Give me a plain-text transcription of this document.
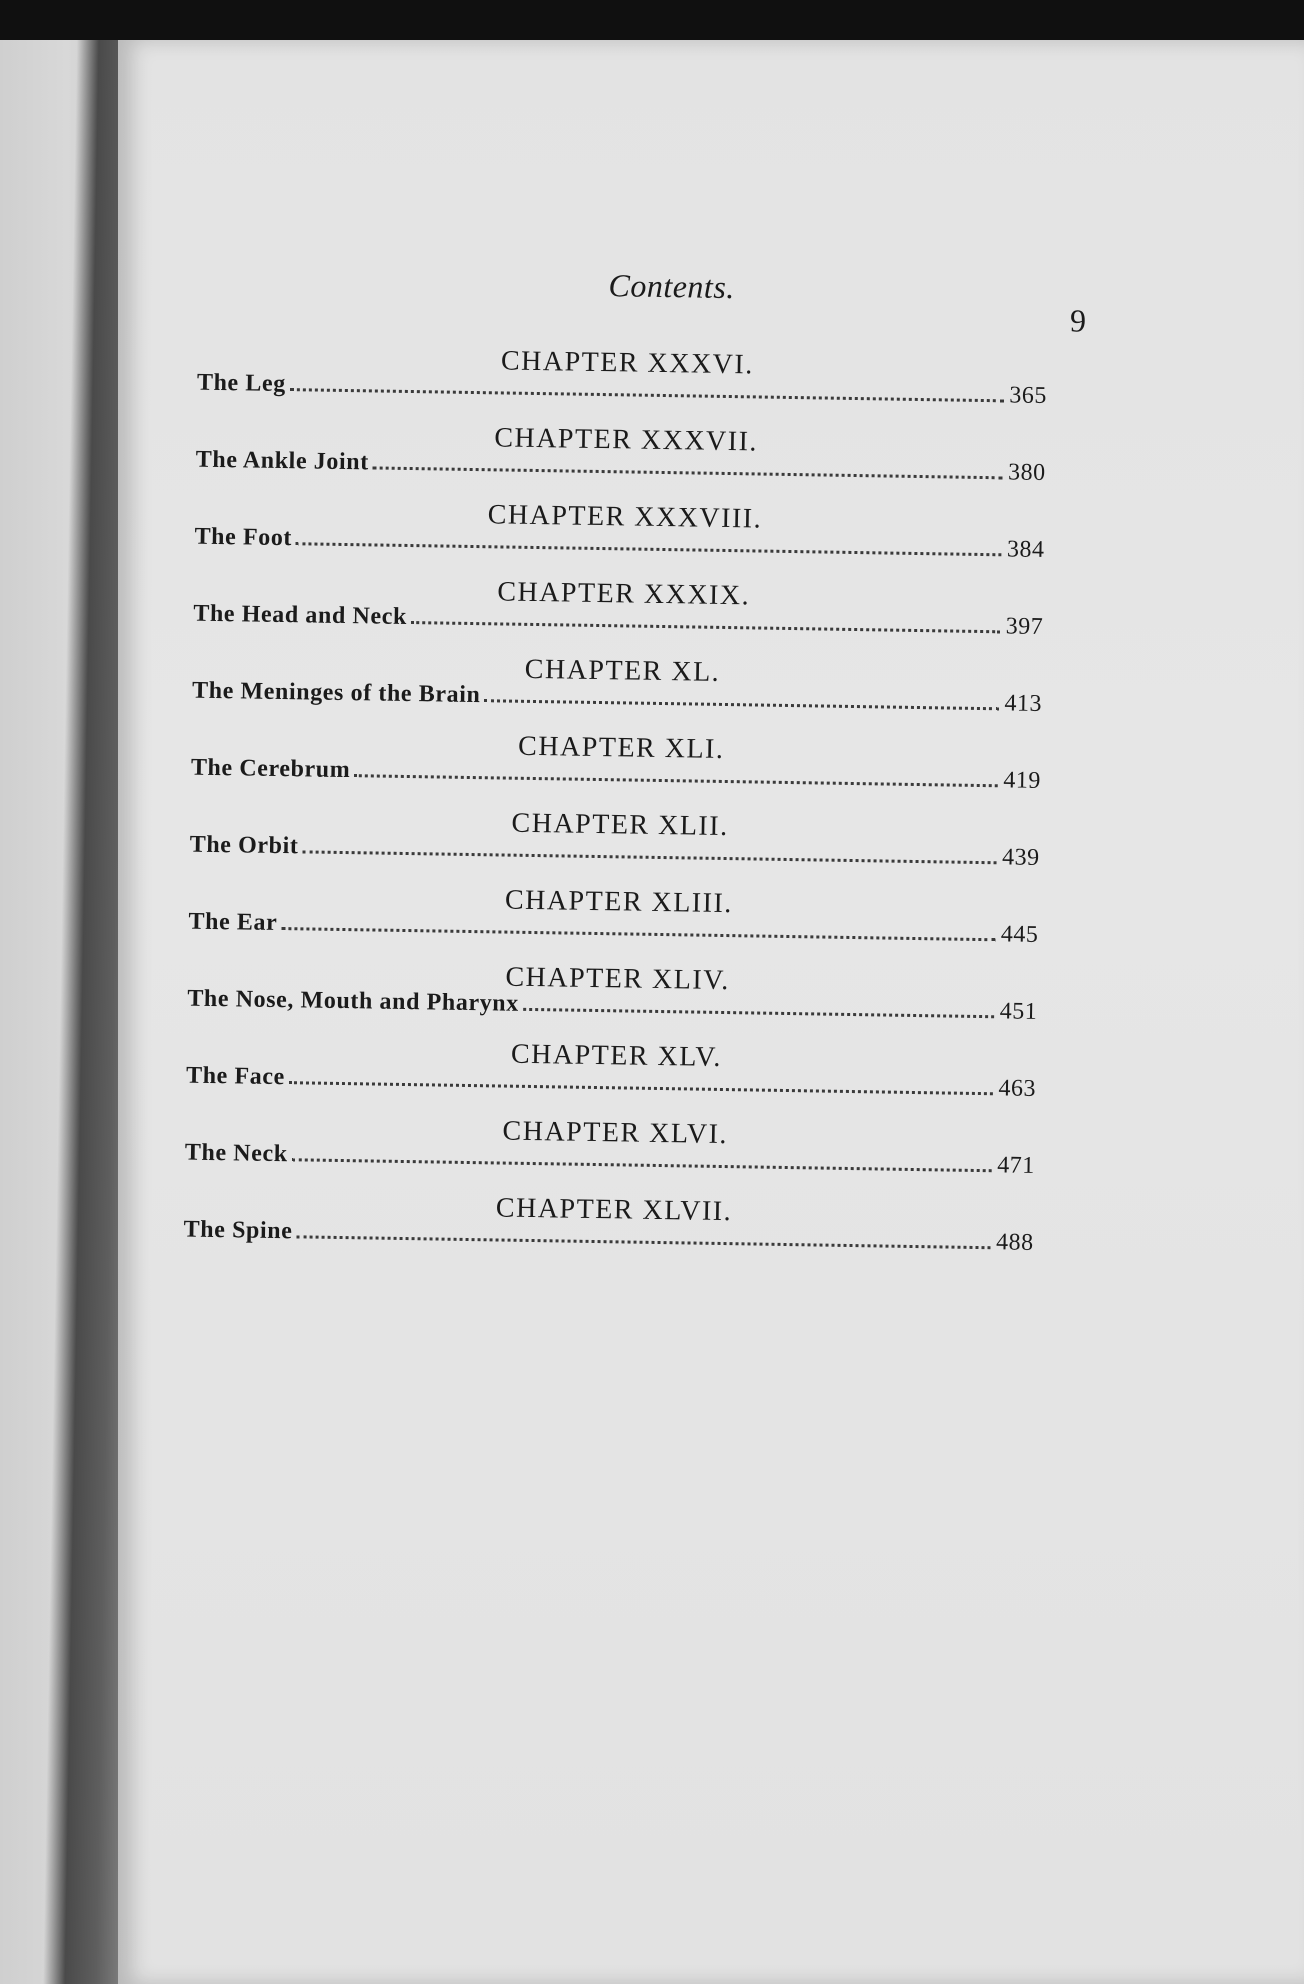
Contents.
9
CHAPTER XXXVI.
The Leg	365
CHAPTER XXXVII.
The Ankle Joint	380
CHAPTER XXXVIII.
The Foot	384
CHAPTER XXXIX.
The Head and Neck	397
CHAPTER XL.
The Meninges of the Brain	413
CHAPTER XLI.
The Cerebrum	419
CHAPTER XLII.
The Orbit	439
CHAPTER XLIII.
The Ear	445
CHAPTER XLIV.
The Nose, Mouth and Pharynx	451
CHAPTER XLV.
The Face	463
CHAPTER XLVI.
The Neck	471
CHAPTER XLVII.
The Spine	488
